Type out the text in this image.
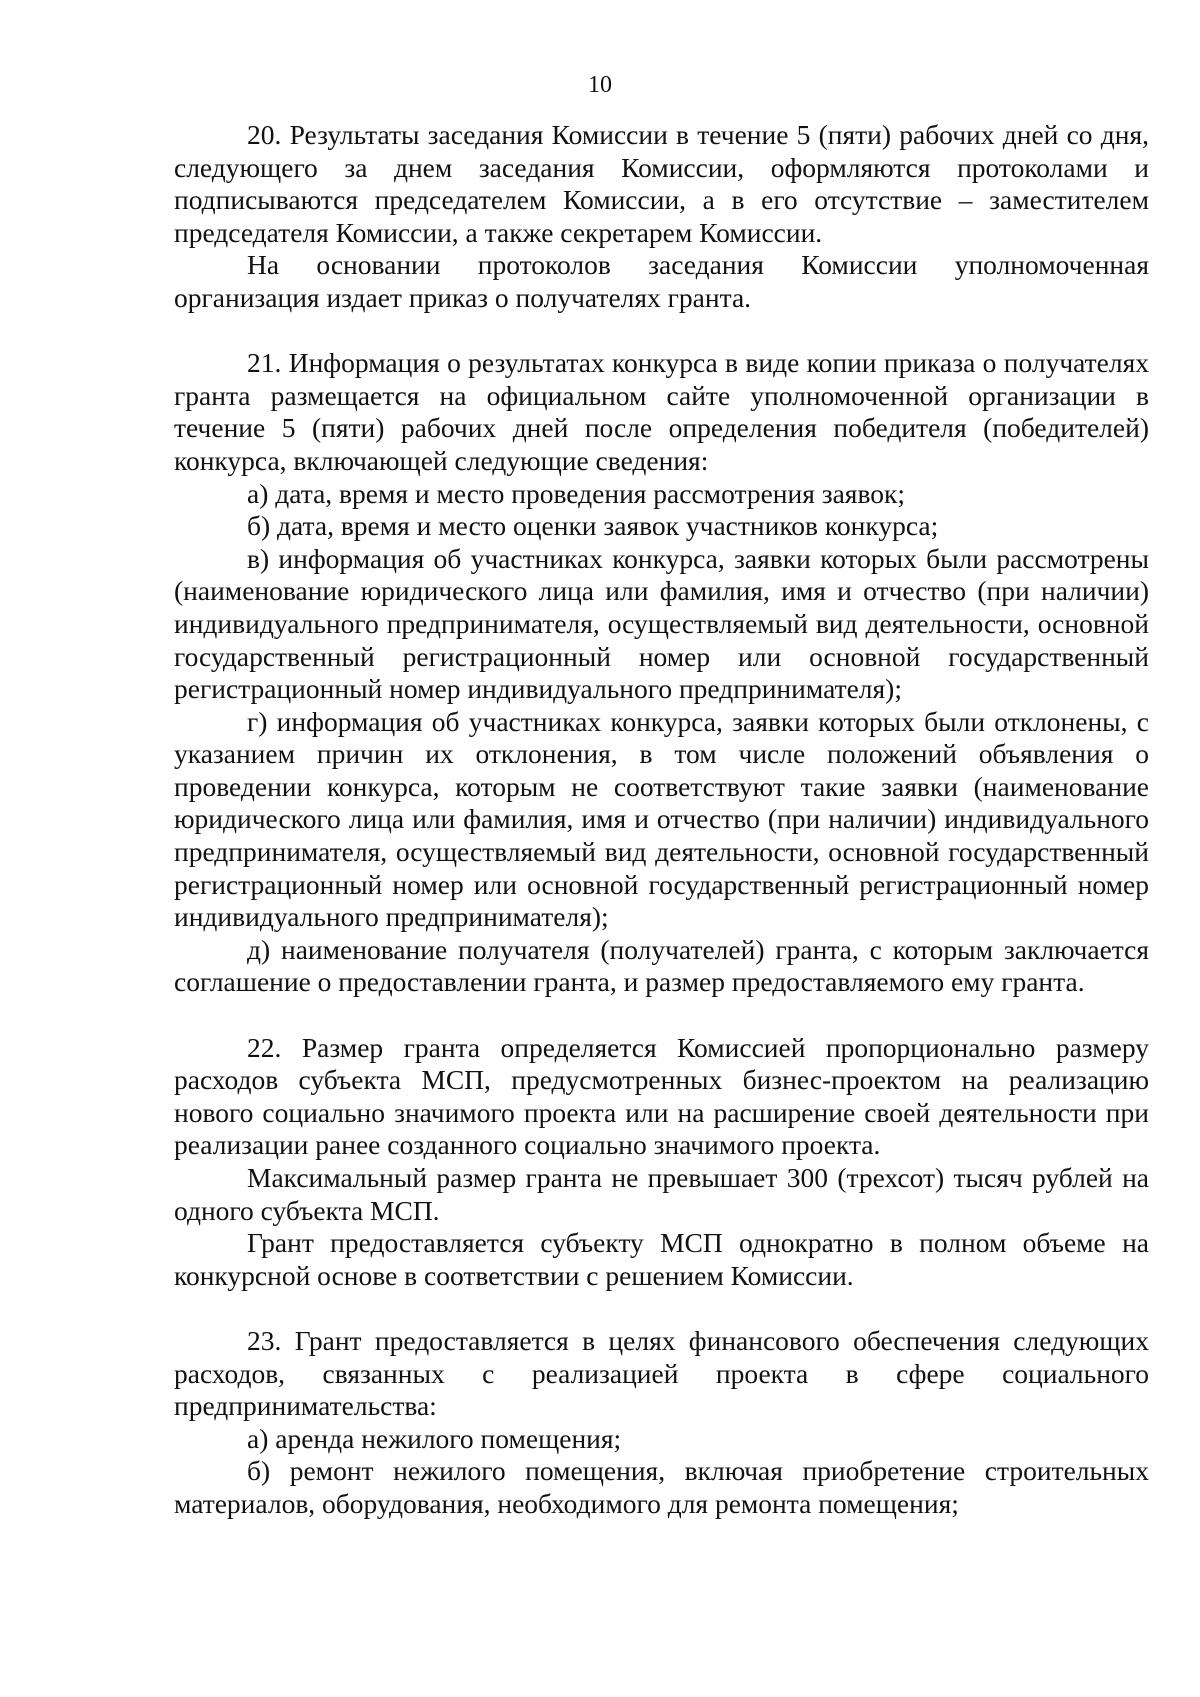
10

20. Результаты заседания Комиссии в течение 5 (пяти) рабочих дней со дня, следующего за днем заседания Комиссии, оформляются протоколами и подписываются председателем Комиссии, а в его отсутствие – заместителем председателя Комиссии, а также секретарем Комиссии.

На основании протоколов заседания Комиссии уполномоченная организация издает приказ о получателях гранта.

21. Информация о результатах конкурса в виде копии приказа о получателях гранта размещается на официальном сайте уполномоченной организации в течение 5 (пяти) рабочих дней после определения победителя (победителей) конкурса, включающей следующие сведения:

а) дата, время и место проведения рассмотрения заявок;

б) дата, время и место оценки заявок участников конкурса;

в) информация об участниках конкурса, заявки которых были рассмотрены (наименование юридического лица или фамилия, имя и отчество (при наличии) индивидуального предпринимателя, осуществляемый вид деятельности, основной государственный регистрационный номер или основной государственный регистрационный номер индивидуального предпринимателя);

г) информация об участниках конкурса, заявки которых были отклонены, с указанием причин их отклонения, в том числе положений объявления о проведении конкурса, которым не соответствуют такие заявки (наименование юридического лица или фамилия, имя и отчество (при наличии) индивидуального предпринимателя, осуществляемый вид деятельности, основной государственный регистрационный номер или основной государственный регистрационный номер индивидуального предпринимателя);

д) наименование получателя (получателей) гранта, с которым заключается соглашение о предоставлении гранта, и размер предоставляемого ему гранта.

22. Размер гранта определяется Комиссией пропорционально размеру расходов субъекта МСП, предусмотренных бизнес-проектом на реализацию нового социально значимого проекта или на расширение своей деятельности при реализации ранее созданного социально значимого проекта.

Максимальный размер гранта не превышает 300 (трехсот) тысяч рублей на одного субъекта МСП.

Грант предоставляется субъекту МСП однократно в полном объеме на конкурсной основе в соответствии с решением Комиссии.

23. Грант предоставляется в целях финансового обеспечения следующих расходов, связанных с реализацией проекта в сфере социального предпринимательства:

а) аренда нежилого помещения;

б) ремонт нежилого помещения, включая приобретение строительных материалов, оборудования, необходимого для ремонта помещения;
